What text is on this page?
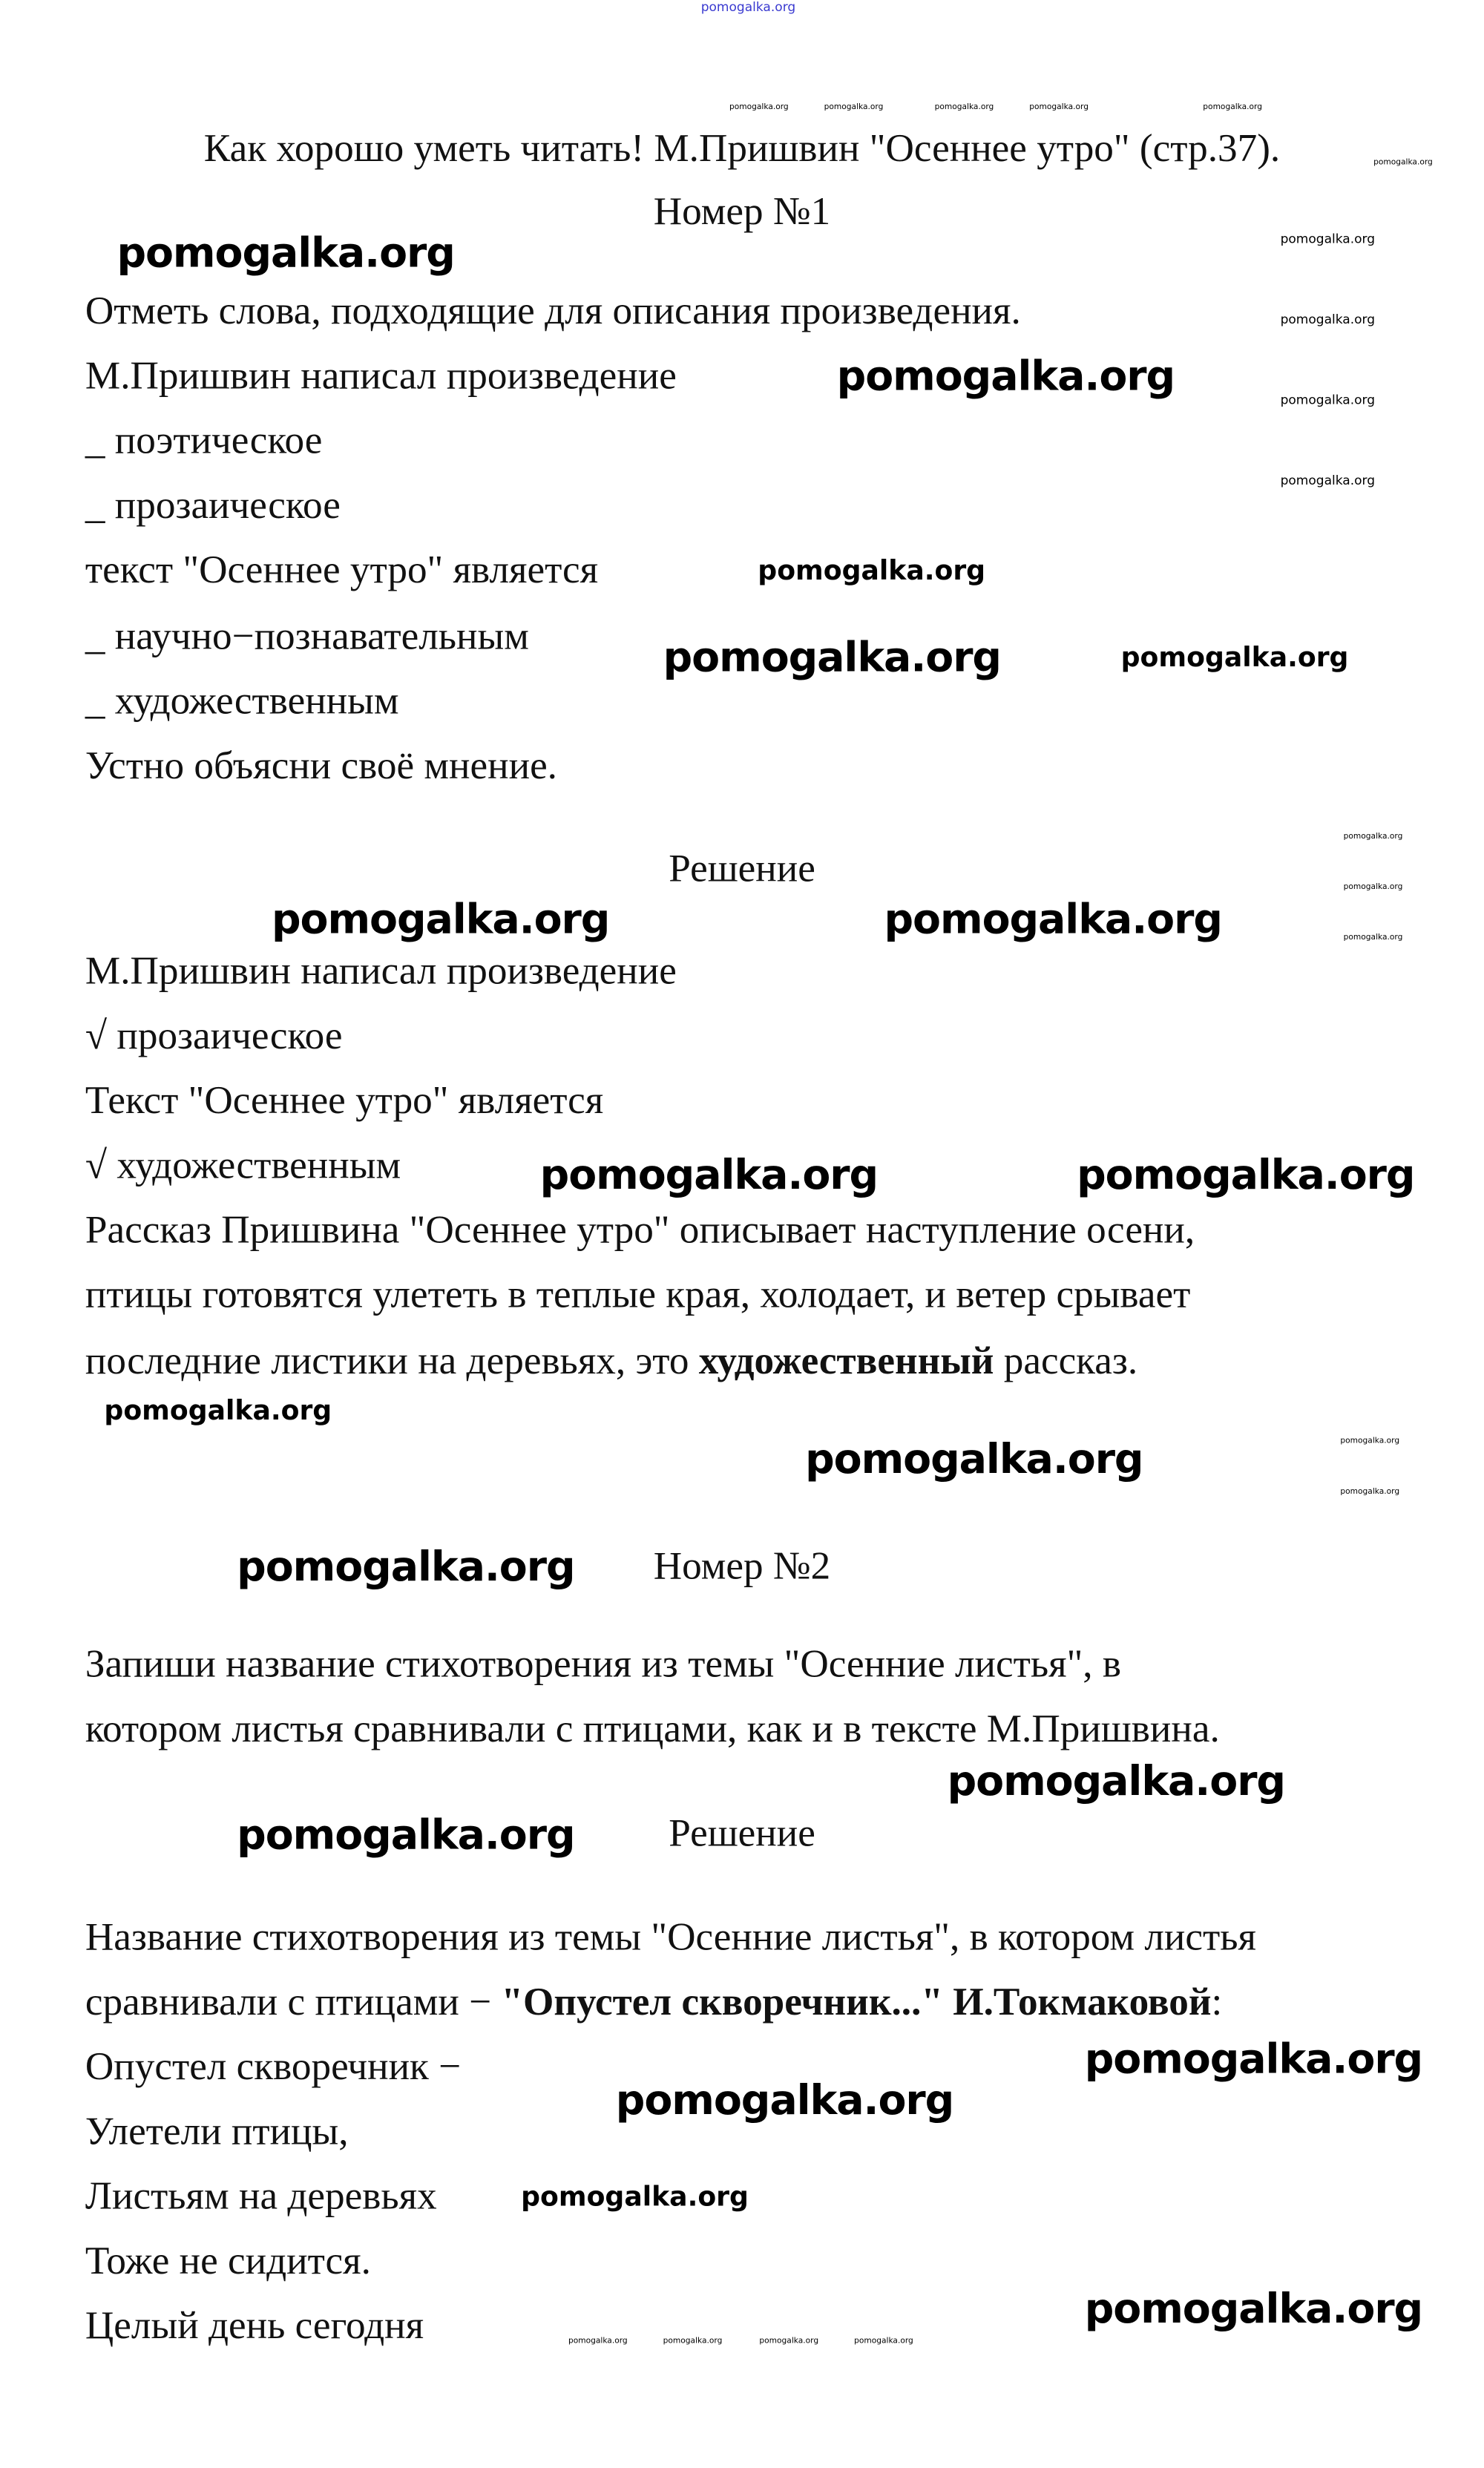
pomogalka.org
Как хорошо уметь читать! М.Пришвин "Осеннее утро" (стр.37).
Номер №1
Отметь слова, подходящие для описания произведения.
М.Пришвин написал произведение
_ поэтическое
_ прозаическое
текст "Осеннее утро" является
_ научно−познавательным
_ художественным
Устно объясни своё мнение.
Решение
М.Пришвин написал произведение
√ прозаическое
Текст "Осеннее утро" является
√ художественным
Рассказ Пришвина "Осеннее утро" описывает наступление осени,
птицы готовятся улететь в теплые края, холодает, и ветер срывает
последние листики на деревьях, это художественный рассказ.
Номер №2
Запиши название стихотворения из темы "Осенние листья", в
котором листья сравнивали с птицами, как и в тексте М.Пришвина.
Решение
Название стихотворения из темы "Осенние листья", в котором листья
сравнивали с птицами − "Опустел скворечник..." И.Токмаковой:
Опустел скворечник −
Улетели птицы,
Листьям на деревьях
Тоже не сидится.
Целый день сегодня
pomogalka.org
pomogalka.org
pomogalka.org
pomogalka.org	pomogalka.org
pomogalka.org	pomogalka.org
pomogalka.org
pomogalka.org
pomogalka.org
pomogalka.org
pomogalka.org
pomogalka.org
pomogalka.org
pomogalka.org
pomogalka.org
pomogalka.org
pomogalka.org
pomogalka.org
pomogalka.org
pomogalka.org
pomogalka.org
pomogalka.org	pomogalka.org	pomogalka.org	pomogalka.org	pomogalka.org
pomogalka.org
pomogalka.org
pomogalka.org
pomogalka.org
pomogalka.org
pomogalka.org
pomogalka.org	pomogalka.org	pomogalka.org	pomogalka.org
